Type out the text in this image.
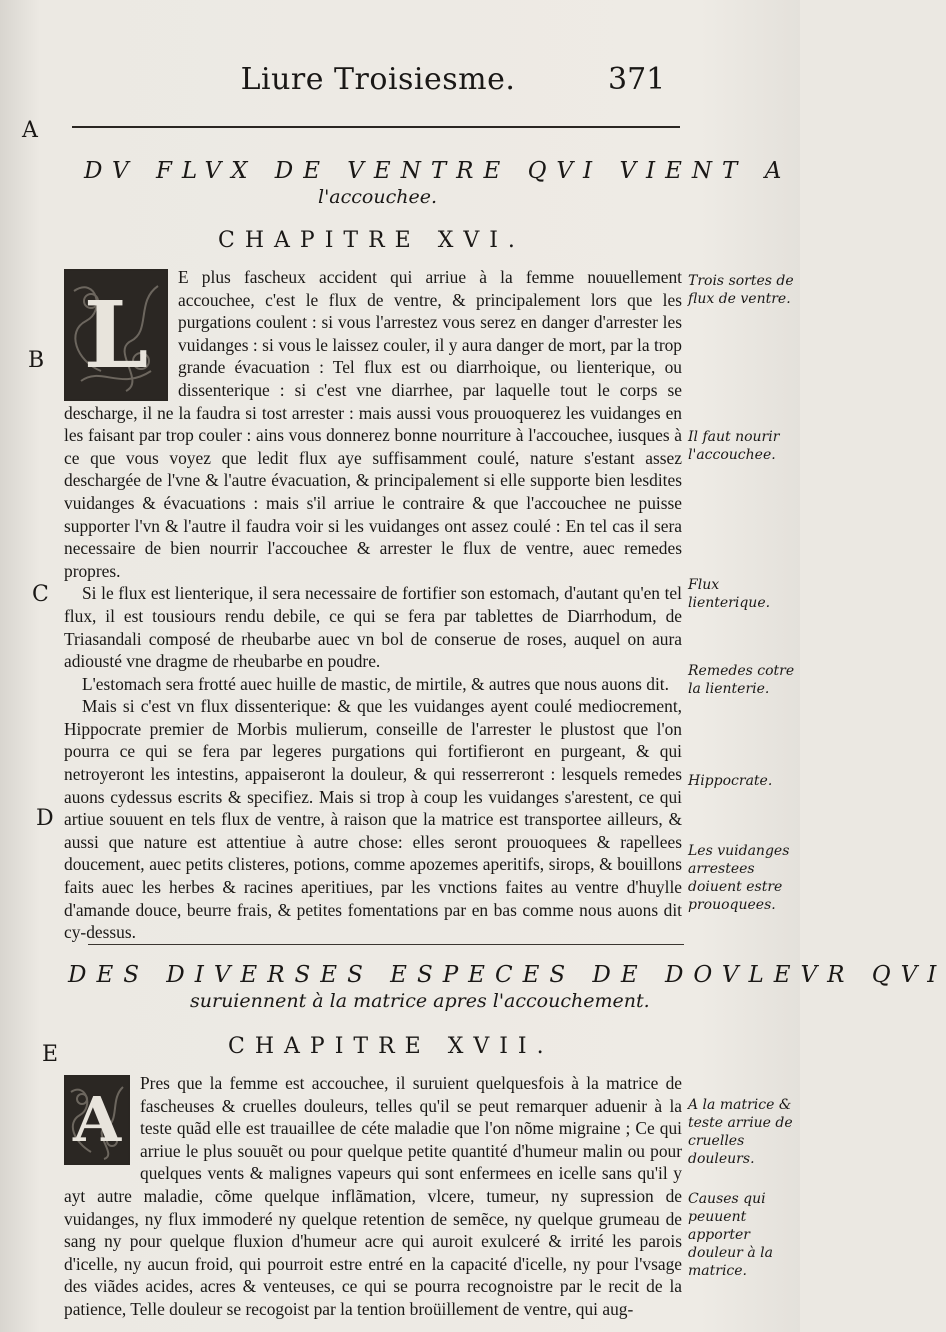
Liure Troisiesme.	371
A
B
C
D
E
DV FLVX DE VENTRE QVI VIENT A
l'accouchee.
CHAPITRE XVI.
L

E plus fascheux accident qui arriue à la femme nouuellement accouchee, c'est le flux de ventre, & principalement lors que les purgations coulent : si vous l'arrestez vous serez en danger d'arrester les vuidanges : si vous le laissez couler, il y aura danger de mort, par la trop grande évacuation : Tel flux est ou diarrhoique, ou lienterique, ou dissenterique : si c'est vne diarrhee, par laquelle tout le corps se descharge, il ne la faudra si tost arrester : mais aussi vous prouoquerez les vuidanges en les faisant par trop couler : ains vous donnerez bonne nourriture à l'accouchee, iusques à ce que vous voyez que ledit flux aye suffisamment coulé, nature s'estant assez deschargée de l'vne & l'autre évacuation, & principalement si elle supporte bien lesdites vuidanges & évacuations : mais s'il arriue le contraire & que l'accouchee ne puisse supporter l'vn & l'autre il faudra voir si les vuidanges ont assez coulé : En tel cas il sera necessaire de bien nourrir l'accouchee & arrester le flux de ventre, auec remedes propres.

Si le flux est lienterique, il sera necessaire de fortifier son estomach, d'autant qu'en tel flux, il est tousiours rendu debile, ce qui se fera par tablettes de Diarrhodum, de Triasandali composé de rheubarbe auec vn bol de conserue de roses, auquel on aura adiousté vne dragme de rheubarbe en poudre.

L'estomach sera frotté auec huille de mastic, de mirtile, & autres que nous auons dit.

Mais si c'est vn flux dissenterique: & que les vuidanges ayent coulé mediocrement, Hippocrate premier de Morbis mulierum, conseille de l'arrester le plustost que l'on pourra ce qui se fera par legeres purgations qui fortifieront en purgeant, & qui netroyeront les intestins, appaiseront la douleur, & qui resserreront : lesquels remedes auons cydessus escrits & specifiez. Mais si trop à coup les vuidanges s'arestent, ce qui artiue souuent en tels flux de ventre, à raison que la matrice est transportee ailleurs, & aussi que nature est attentiue à autre chose: elles seront prouoquees & rapellees doucement, auec petits clisteres, potions, comme apozemes aperitifs, sirops, & bouillons faits auec les herbes & racines aperitiues, par les vnctions faites au ventre d'huylle d'amande douce, beurre frais, & petites fomentations par en bas comme nous auons dit cy-dessus.

Trois sortes de flux de ventre.
Il faut nourir l'accouchee.
Flux lienterique.
Remedes cotre la lienterie.
Hippocrate.
Les vuidanges arrestees doiuent estre prouoquees.
DES DIVERSES ESPECES DE DOVLEVR QVI
suruiennent à la matrice apres l'accouchement.
CHAPITRE XVII.
A	Pres que la femme est accouchee, il suruient quelquesfois à la matrice de fascheuses & cruelles douleurs, telles qu'il se peut remarquer aduenir à la teste quãd elle est trauaillee de céte maladie que l'on nõme migraine ; Ce qui arriue le plus souuẽt ou pour quelque petite quantité d'humeur malin ou pour quelques vents & malignes vapeurs qui sont enfermees en icelle sans qu'il y ayt autre maladie, cõme quelque inflãmation, vlcere, tumeur, ny supression de vuidanges, ny flux immoderé ny quelque retention de semẽce, ny quelque grumeau de sang ny pour quelque fluxion d'humeur acre qui auroit exulceré & irrité les parois d'icelle, ny aucun froid, qui pourroit estre entré en la capacité d'icelle, ny pour l'vsage des viãdes acides, acres & venteuses, ce qui se pourra recognoistre par le recit de la patience, Telle douleur se recogoist par la tention broüillement de ventre, qui aug-

A la matrice & teste arriue de cruelles douleurs.
Causes qui peuuent apporter douleur à la matrice.
